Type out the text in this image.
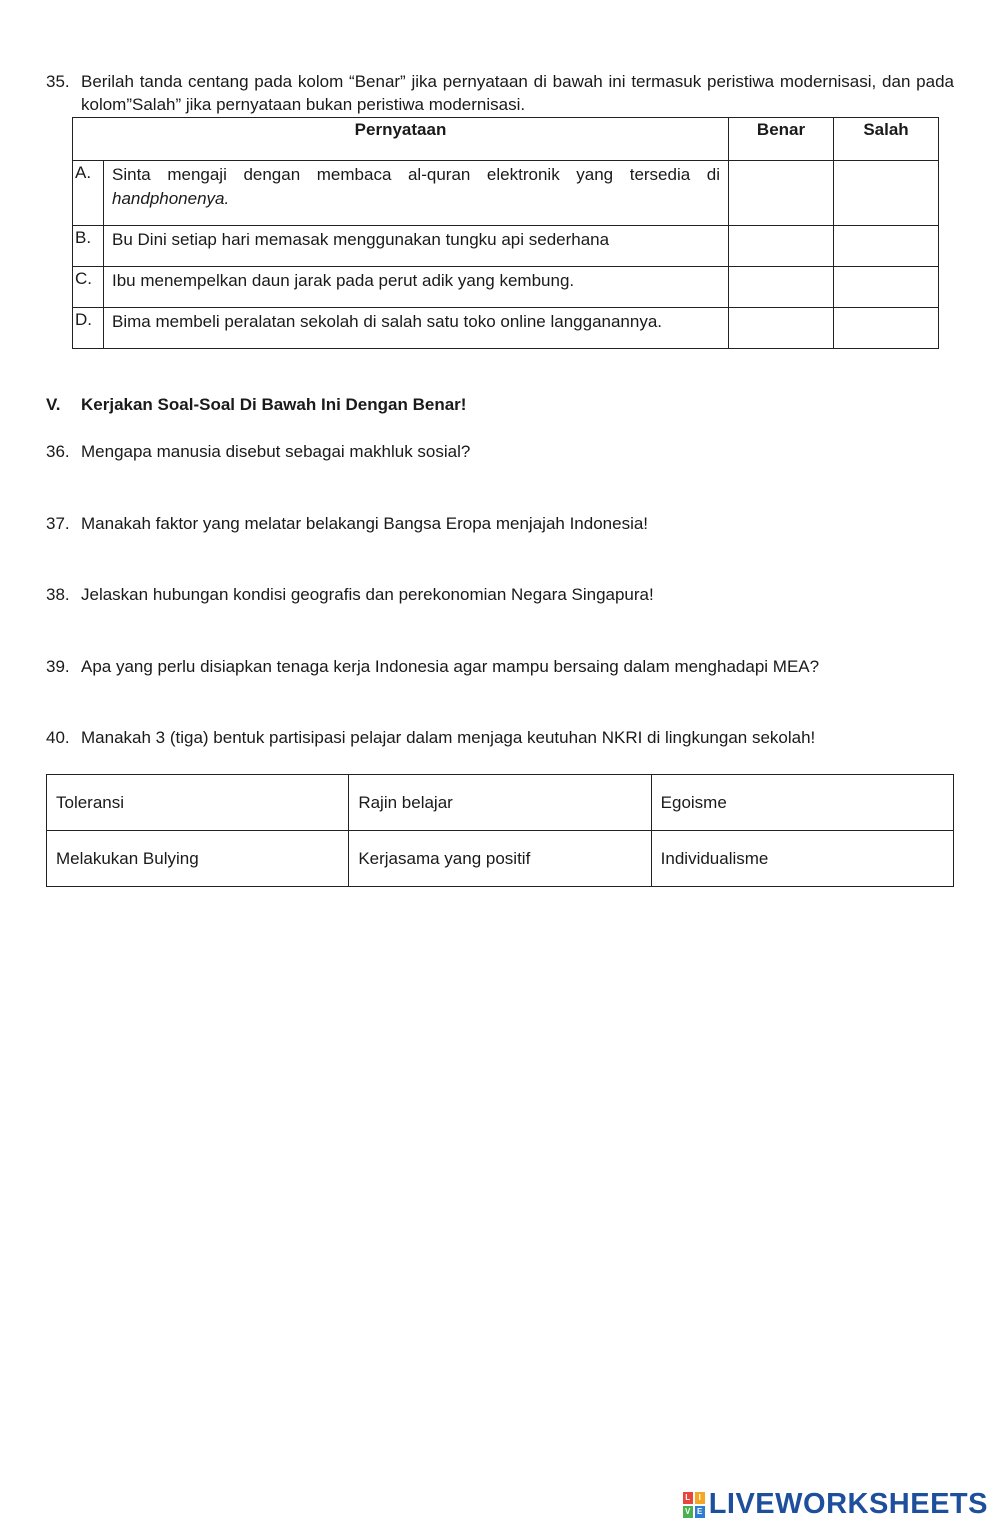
35. Berilah tanda centang pada kolom “Benar” jika pernyataan di bawah ini termasuk peristiwa modernisasi, dan pada kolom”Salah” jika pernyataan bukan peristiwa modernisasi.
Pernyataan		Benar	Salah
A.	Sinta mengaji dengan membaca al-quran elektronik yang tersedia di handphonenya.		
B.	Bu Dini setiap hari memasak menggunakan tungku api sederhana		
C.	Ibu menempelkan daun jarak pada perut adik yang kembung.		
D.	Bima membeli peralatan sekolah di salah satu toko online langganannya.		
V. Kerjakan Soal-Soal Di Bawah Ini Dengan Benar!
36. Mengapa manusia disebut sebagai makhluk sosial?
37. Manakah faktor yang melatar belakangi Bangsa Eropa menjajah Indonesia!
38. Jelaskan hubungan kondisi geografis dan perekonomian Negara Singapura!
39. Apa yang perlu disiapkan tenaga kerja Indonesia agar mampu bersaing dalam menghadapi MEA?
40. Manakah 3 (tiga) bentuk partisipasi pelajar dalam menjaga keutuhan NKRI di lingkungan sekolah!
Toleransi	Rajin belajar	Egoisme
Melakukan Bulying	Kerjasama yang positif	Individualisme
L	I
V E LIVEWORKSHEETS
